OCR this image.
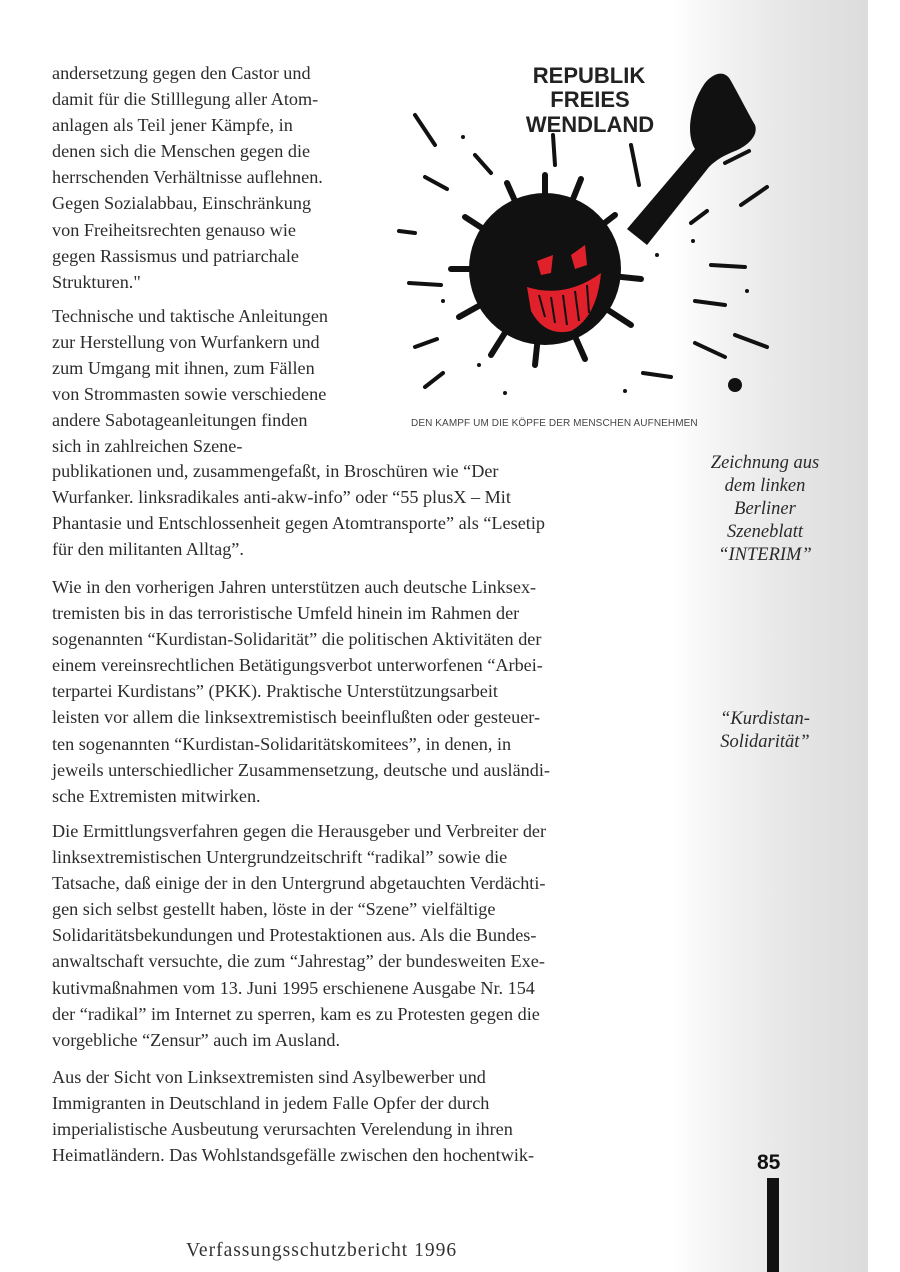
andersetzung gegen den Castor und
damit für die Stilllegung aller Atom-
anlagen als Teil jener Kämpfe, in
denen sich die Menschen gegen die
herrschenden Verhältnisse auflehnen.
Gegen Sozialabbau, Einschränkung
von Freiheitsrechten genauso wie
gegen Rassismus und patriarchale
Strukturen."
Technische und taktische Anleitungen
zur Herstellung von Wurfankern und
zum Umgang mit ihnen, zum Fällen
von Strommasten sowie verschiedene
andere Sabotageanleitungen finden
sich in zahlreichen Szene-
publikationen und, zusammengefaßt, in Broschüren wie “Der
Wurfanker. linksradikales anti-akw-info” oder “55 plusX – Mit
Phantasie und Entschlossenheit gegen Atomtransporte” als “Lesetip
für den militanten Alltag”.
Wie in den vorherigen Jahren unterstützen auch deutsche Linksex-
tremisten bis in das terroristische Umfeld hinein im Rahmen der
sogenannten “Kurdistan-Solidarität” die politischen Aktivitäten der
einem vereinsrechtlichen Betätigungsverbot unterworfenen “Arbei-
terpartei Kurdistans” (PKK). Praktische Unterstützungsarbeit
leisten vor allem die linksextremistisch beeinflußten oder gesteuer-
ten sogenannten “Kurdistan-Solidaritätskomitees”, in denen, in
jeweils unterschiedlicher Zusammensetzung, deutsche und ausländi-
sche Extremisten mitwirken.
Die Ermittlungsverfahren gegen die Herausgeber und Verbreiter der
linksextremistischen Untergrundzeitschrift “radikal” sowie die
Tatsache, daß einige der in den Untergrund abgetauchten Verdächti-
gen sich selbst gestellt haben, löste in der “Szene” vielfältige
Solidaritätsbekundungen und Protestaktionen aus. Als die Bundes-
anwaltschaft versuchte, die zum “Jahrestag” der bundesweiten Exe-
kutivmaßnahmen vom 13. Juni 1995 erschienene Ausgabe Nr. 154
der “radikal” im Internet zu sperren, kam es zu Protesten gegen die
vorgebliche “Zensur” auch im Ausland.
Aus der Sicht von Linksextremisten sind Asylbewerber und
Immigranten in Deutschland in jedem Falle Opfer der durch
imperialistische Ausbeutung verursachten Verelendung in ihren
Heimatländern. Das Wohlstandsgefälle zwischen den hochentwik-
REPUBLIK
FREIES
WENDLAND
DEN KAMPF UM DIE KÖPFE DER MENSCHEN AUFNEHMEN
Zeichnung aus
dem linken
Berliner
Szeneblatt
“INTERIM”
“Kurdistan-
Solidarität”
85
Verfassungsschutzbericht 1996
